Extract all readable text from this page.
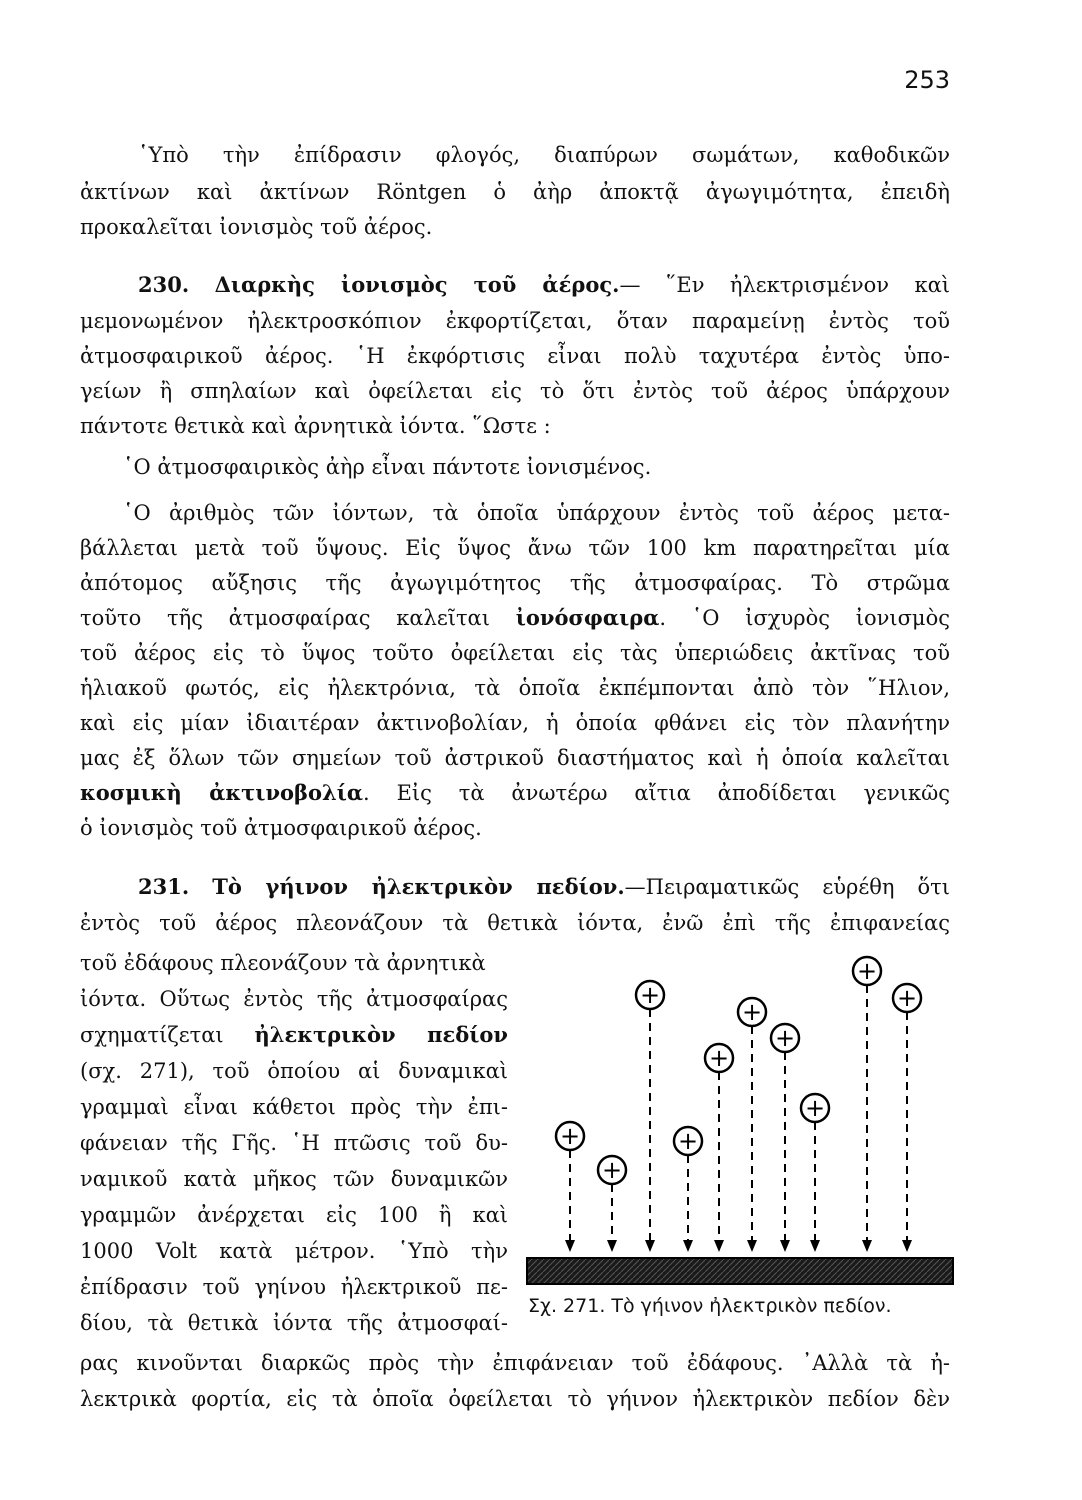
253
῾Υπὸ τὴν ἐπίδρασιν φλογός, διαπύρων σωμάτων, καθοδικῶν
ἀκτίνων καὶ ἀκτίνων Röntgen ὁ ἀὴρ ἀποκτᾷ ἀγωγιμότητα, ἐπειδὴ
προκαλεῖται ἰονισμὸς τοῦ ἀέρος.
230. Διαρκὴς ἰονισμὸς τοῦ ἀέρος.— ῞Εν ἠλεκτρισμένον καὶ
μεμονωμένον ἠλεκτροσκόπιον ἐκφορτίζεται, ὅταν παραμείνῃ ἐντὸς τοῦ
ἀτμοσφαιρικοῦ ἀέρος. ῾Η ἐκφόρτισις εἶναι πολὺ ταχυτέρα ἐντὸς ὑπο-
γείων ἢ σπηλαίων καὶ ὀφείλεται εἰς τὸ ὅτι ἐντὸς τοῦ ἀέρος ὑπάρχουν
πάντοτε θετικὰ καὶ ἀρνητικὰ ἰόντα. ῞Ωστε :
῾Ο ἀτμοσφαιρικὸς ἀὴρ εἶναι πάντοτε ἰονισμένος.
῾Ο ἀριθμὸς τῶν ἰόντων, τὰ ὁποῖα ὑπάρχουν ἐντὸς τοῦ ἀέρος μετα-
βάλλεται μετὰ τοῦ ὕψους. Εἰς ὕψος ἄνω τῶν 100 km παρατηρεῖται μία
ἀπότομος αὔξησις τῆς ἀγωγιμότητος τῆς ἀτμοσφαίρας. Τὸ στρῶμα
τοῦτο τῆς ἀτμοσφαίρας καλεῖται ἰονόσφαιρα. ῾Ο ἰσχυρὸς ἰονισμὸς
τοῦ ἀέρος εἰς τὸ ὕψος τοῦτο ὀφείλεται εἰς τὰς ὑπεριώδεις ἀκτῖνας τοῦ
ἡλιακοῦ φωτός, εἰς ἠλεκτρόνια, τὰ ὁποῖα ἐκπέμπονται ἀπὸ τὸν ῞Ηλιον,
καὶ εἰς μίαν ἰδιαιτέραν ἀκτινοβολίαν, ἡ ὁποία φθάνει εἰς τὸν πλανήτην
μας ἐξ ὅλων τῶν σημείων τοῦ ἀστρικοῦ διαστήματος καὶ ἡ ὁποία καλεῖται
κοσμικὴ ἀκτινοβολία. Εἰς τὰ ἀνωτέρω αἴτια ἀποδίδεται γενικῶς
ὁ ἰονισμὸς τοῦ ἀτμοσφαιρικοῦ ἀέρος.
231. Τὸ γήινον ἠλεκτρικὸν πεδίον.—Πειραματικῶς εὑρέθη ὅτι
ἐντὸς τοῦ ἀέρος πλεονάζουν τὰ θετικὰ ἰόντα, ἐνῶ ἐπὶ τῆς ἐπιφανείας
τοῦ ἐδάφους πλεονάζουν τὰ ἀρνητικὰ
ἰόντα. Οὕτως ἐντὸς τῆς ἀτμοσφαίρας
σχηματίζεται ἠλεκτρικὸν πεδίον
(σχ. 271), τοῦ ὁποίου αἱ δυναμικαὶ
γραμμαὶ εἶναι κάθετοι πρὸς τὴν ἐπι-
φάνειαν τῆς Γῆς. ῾Η πτῶσις τοῦ δυ-
ναμικοῦ κατὰ μῆκος τῶν δυναμικῶν
γραμμῶν ἀνέρχεται εἰς 100 ἢ καὶ
1000 Volt κατὰ μέτρον. ῾Υπὸ τὴν
ἐπίδρασιν τοῦ γηίνου ἠλεκτρικοῦ πε-
δίου, τὰ θετικὰ ἰόντα τῆς ἀτμοσφαί-
ρας κινοῦνται διαρκῶς πρὸς τὴν ἐπιφάνειαν τοῦ ἐδάφους. ᾿Αλλὰ τὰ ἠ-
λεκτρικὰ φορτία, εἰς τὰ ὁποῖα ὀφείλεται τὸ γήινον ἠλεκτρικὸν πεδίον δὲν
+
+
+
+
+
+
+
+
+
+
Σχ. 271. Τὸ γήινον ἠλεκτρικὸν πεδίον.
